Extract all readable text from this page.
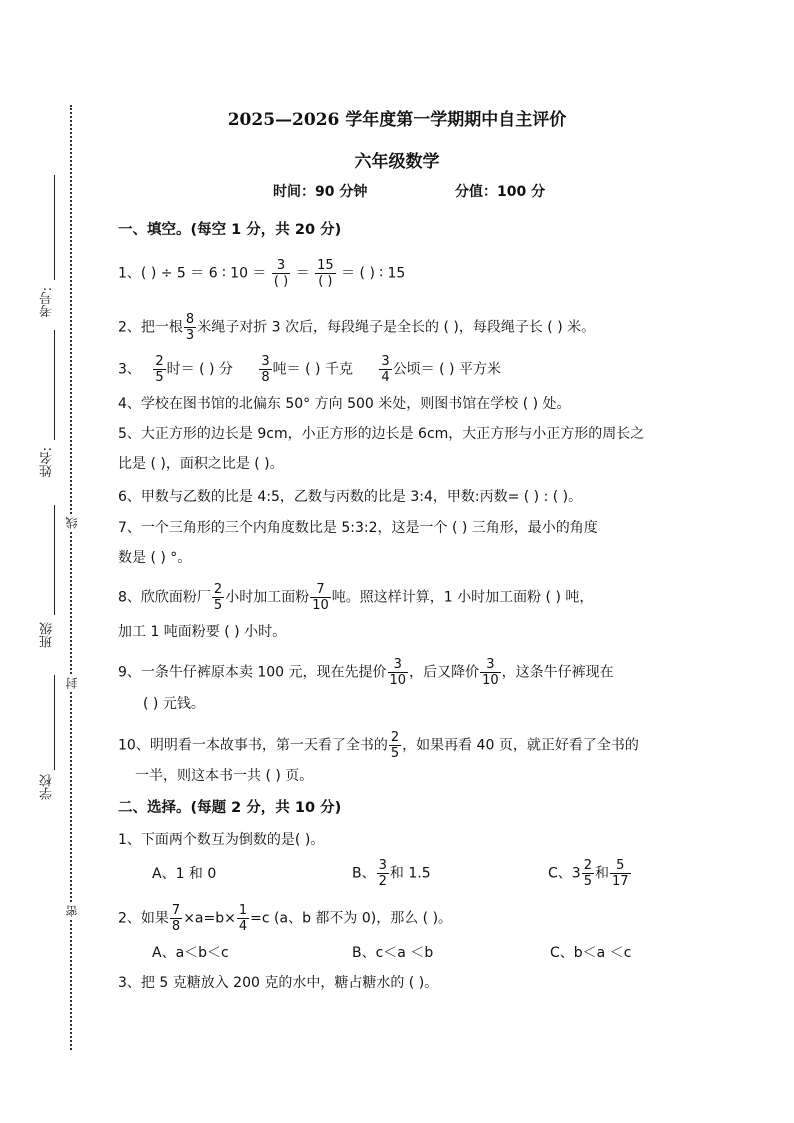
考号:
姓名:
班级
学校
线
封
密
2025—2026 学年度第一学期期中自主评价
六年级数学
时间：90 分钟	分值：100 分
一、填空。(每空 1 分，共 20 分)
1、( ) ÷ 5 ＝ 6 ∶ $10 = \frac{3}{( )} = \frac{15}{( )}$ ＝ ( ) ∶ 15
2、把一根 $\frac{8}{3}$ 米绳子对折 3 次后，每段绳子是全长的 ( )，每段绳子长 ( ) 米。
3、 $\frac{2}{5}$ 时＝ ( ) 分 $\frac{3}{8}$ 吨＝ ( ) 千克 $\frac{3}{4}$ 公顷＝ ( ) 平方米
4、学校在图书馆的北偏东 50° 方向 500 米处，则图书馆在学校 ( ) 处。
5、大正方形的边长是 9cm，小正方形的边长是 6cm，大正方形与小正方形的周长之
比是 ( )，面积之比是 ( )。
6、甲数与乙数的比是 4:5，乙数与丙数的比是 3:4，甲数:丙数= ( ) : ( )。
7、一个三角形的三个内角度数比是 5:3:2，这是一个 ( ) 三角形，最小的角度
数是 ( ) °。
8、欣欣面粉厂 $\frac{2}{5}$ 小时加工面粉 $\frac{7}{10}$ 吨。照这样计算，1 小时加工面粉 ( ) 吨，
加工 1 吨面粉要 ( ) 小时。
9、一条牛仔裤原本卖 100 元，现在先提价 $\frac{3}{10}$ ，后又降价 $\frac{3}{10}$ ，这条牛仔裤现在
( ) 元钱。
10、明明看一本故事书，第一天看了全书的 $\frac{2}{5}$ ，如果再看 40 页，就正好看了全书的
一半，则这本书一共 ( ) 页。
二、选择。(每题 2 分，共 10 分)
1、下面两个数互为倒数的是( )。
A、1 和 0	B、 $\frac{3}{2}$ 和 1.5	C、$3 \frac{2}{5}$ 和 $\frac{5}{17}$
2、如果 $\frac{7}{8} \times a=b\times \frac{1}{4} =c$ (a、b 都不为 0)，那么 ( )。
A、a＜b＜c	B、c＜a ＜b	C、b＜a ＜c
3、把 5 克糖放入 200 克的水中，糖占糖水的 ( )。
